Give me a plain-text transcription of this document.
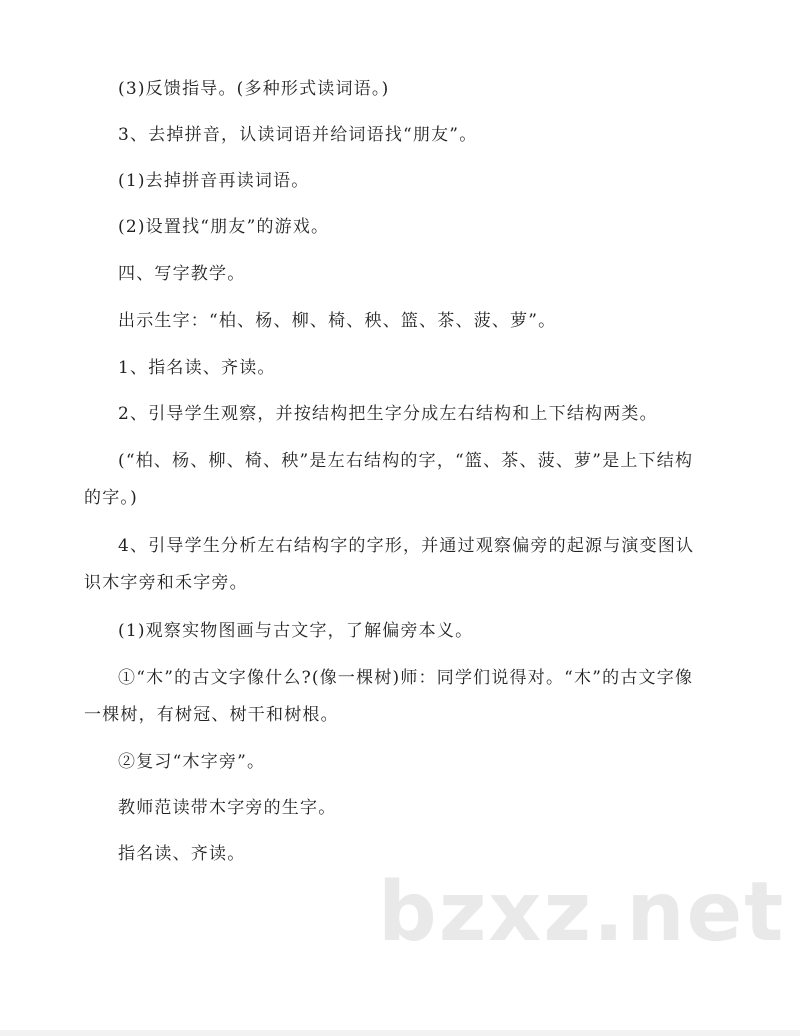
(3)反馈指导。(多种形式读词语。)

3、去掉拼音，认读词语并给词语找“朋友”。

(1)去掉拼音再读词语。

(2)设置找“朋友”的游戏。

四、写字教学。

出示生字：“柏、杨、柳、椅、秧、篮、茶、菠、萝”。

1、指名读、齐读。

2、引导学生观察，并按结构把生字分成左右结构和上下结构两类。

(“柏、杨、柳、椅、秧”是左右结构的字，“篮、茶、菠、萝”是上下结构的字。)

4、引导学生分析左右结构字的字形，并通过观察偏旁的起源与演变图认识木字旁和禾字旁。

(1)观察实物图画与古文字，了解偏旁本义。

①“木”的古文字像什么?(像一棵树)师：同学们说得对。“木”的古文字像一棵树，有树冠、树干和树根。

②复习“木字旁”。

教师范读带木字旁的生字。

指名读、齐读。

bzxz.net
